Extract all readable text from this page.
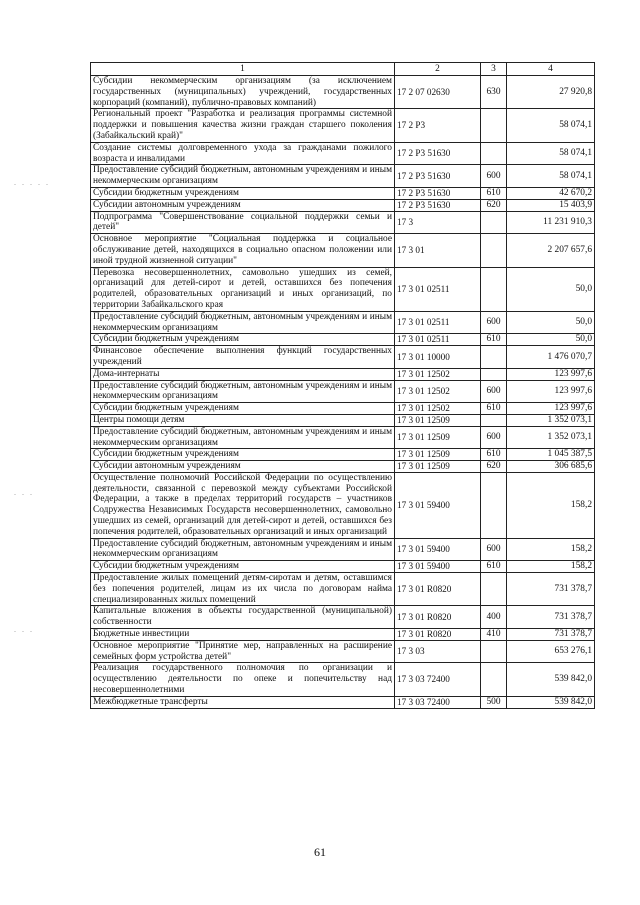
. . . . .
. . .
. . .
1	2	3	4
Субсидии некоммерческим организациям (за исключением государственных (муниципальных) учреждений, государственных корпораций (компаний), публично-правовых компаний)	17 2 07 02630	630	27 920,8
Региональный проект "Разработка и реализация программы системной поддержки и повышения качества жизни граждан старшего поколения (Забайкальский край)"	17 2 P3		58 074,1
Создание системы долговременного ухода за гражданами пожилого возраста и инвалидами	17 2 P3 51630		58 074,1
Предоставление субсидий бюджетным, автономным учреждениям и иным некоммерческим организациям	17 2 P3 51630	600	58 074,1
Субсидии бюджетным учреждениям	17 2 P3 51630	610	42 670,2
Субсидии автономным учреждениям	17 2 P3 51630	620	15 403,9
Подпрограмма "Совершенствование социальной поддержки семьи и детей"	17 3		11 231 910,3
Основное мероприятие "Социальная поддержка и социальное обслуживание детей, находящихся в социально опасном положении или иной трудной жизненной ситуации"	17 3 01		2 207 657,6
Перевозка несовершеннолетних, самовольно ушедших из семей, организаций для детей-сирот и детей, оставшихся без попечения родителей, образовательных организаций и иных организаций, по территории Забайкальского края	17 3 01 02511		50,0
Предоставление субсидий бюджетным, автономным учреждениям и иным некоммерческим организациям	17 3 01 02511	600	50,0
Субсидии бюджетным учреждениям	17 3 01 02511	610	50,0
Финансовое обеспечение выполнения функций государственных учреждений	17 3 01 10000		1 476 070,7
Дома-интернаты	17 3 01 12502		123 997,6
Предоставление субсидий бюджетным, автономным учреждениям и иным некоммерческим организациям	17 3 01 12502	600	123 997,6
Субсидии бюджетным учреждениям	17 3 01 12502	610	123 997,6
Центры помощи детям	17 3 01 12509		1 352 073,1
Предоставление субсидий бюджетным, автономным учреждениям и иным некоммерческим организациям	17 3 01 12509	600	1 352 073,1
Субсидии бюджетным учреждениям	17 3 01 12509	610	1 045 387,5
Субсидии автономным учреждениям	17 3 01 12509	620	306 685,6
Осуществление полномочий Российской Федерации по осуществлению деятельности, связанной с перевозкой между субъектами Российской Федерации, а также в пределах территорий государств – участников Содружества Независимых Государств несовершеннолетних, самовольно ушедших из семей, организаций для детей-сирот и детей, оставшихся без попечения родителей, образовательных организаций и иных организаций	17 3 01 59400		158,2
Предоставление субсидий бюджетным, автономным учреждениям и иным некоммерческим организациям	17 3 01 59400	600	158,2
Субсидии бюджетным учреждениям	17 3 01 59400	610	158,2
Предоставление жилых помещений детям-сиротам и детям, оставшимся без попечения родителей, лицам из их числа по договорам найма специализированных жилых помещений	17 3 01 R0820		731 378,7
Капитальные вложения в объекты государственной (муниципальной) собственности	17 3 01 R0820	400	731 378,7
Бюджетные инвестиции	17 3 01 R0820	410	731 378,7
Основное мероприятие "Принятие мер, направленных на расширение семейных форм устройства детей"	17 3 03		653 276,1
Реализация государственного полномочия по организации и осуществлению деятельности по опеке и попечительству над несовершеннолетними	17 3 03 72400		539 842,0
Межбюджетные трансферты	17 3 03 72400	500	539 842,0
61
